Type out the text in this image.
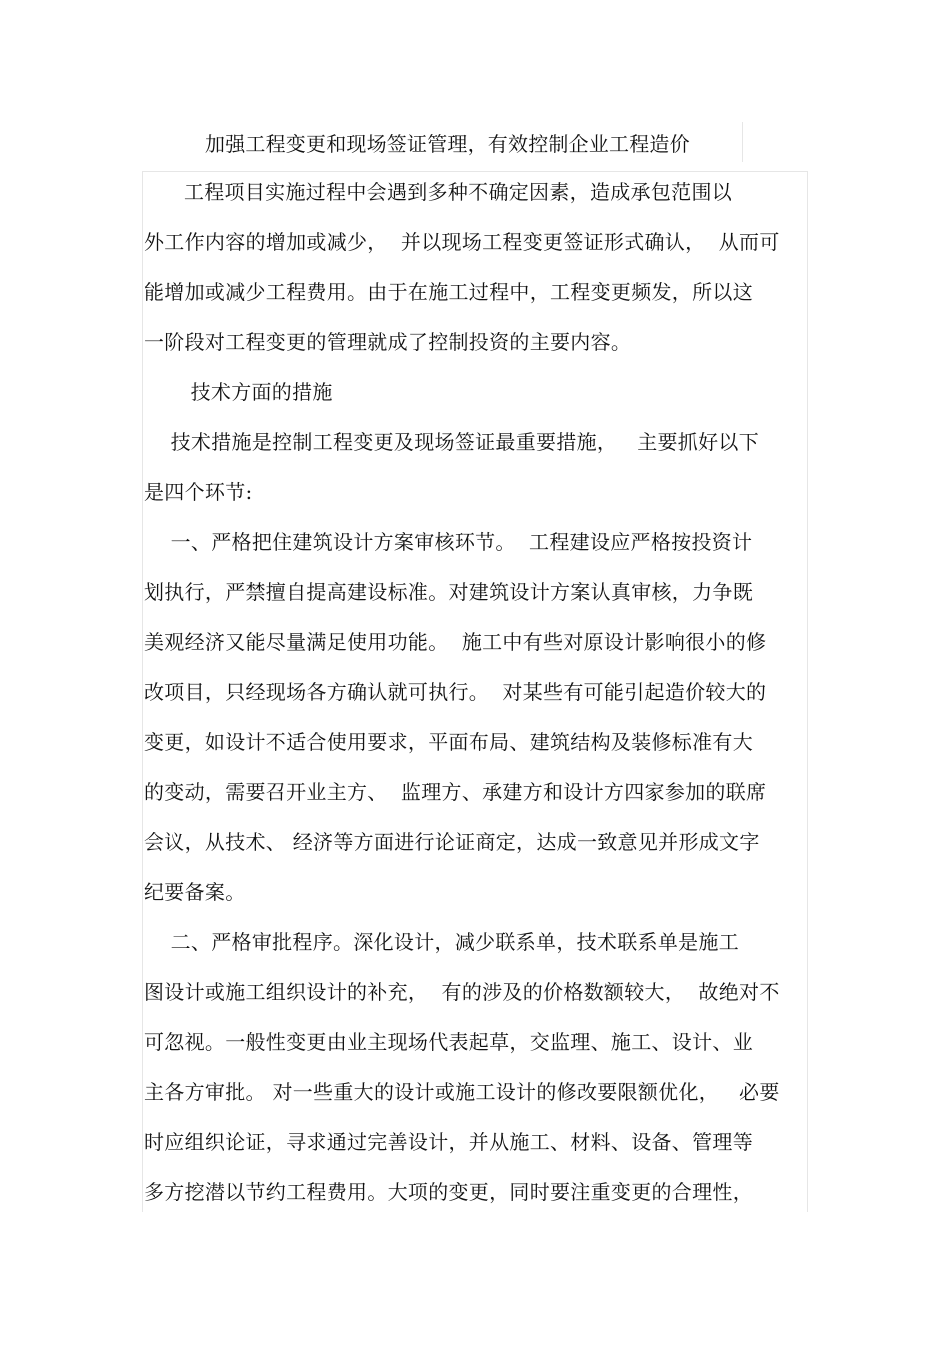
加强工程变更和现场签证管理，有效控制企业工程造价
工程项目实施过程中会遇到多种不确定因素，造成承包范围以
外工作内容的增加或减少，  并以现场工程变更签证形式确认，  从而可
能增加或减少工程费用。由于在施工过程中，工程变更频发，所以这
一阶段对工程变更的管理就成了控制投资的主要内容。
技术方面的措施
技术措施是控制工程变更及现场签证最重要措施，   主要抓好以下
是四个环节:
一、严格把住建筑设计方案审核环节。  工程建设应严格按投资计
划执行，严禁擅自提高建设标准。对建筑设计方案认真审核，力争既
美观经济又能尽量满足使用功能。  施工中有些对原设计影响很小的修
改项目，只经现场各方确认就可执行。  对某些有可能引起造价较大的
变更，如设计不适合使用要求，平面布局、建筑结构及装修标准有大
的变动，需要召开业主方、  监理方、承建方和设计方四家参加的联席
会议，从技术、 经济等方面进行论证商定，达成一致意见并形成文字
纪要备案。
二、严格审批程序。深化设计，减少联系单，技术联系单是施工
图设计或施工组织设计的补充，  有的涉及的价格数额较大，  故绝对不
可忽视。一般性变更由业主现场代表起草，交监理、施工、设计、业
主各方审批。 对一些重大的设计或施工设计的修改要限额优化，   必要
时应组织论证，寻求通过完善设计，并从施工、材料、设备、管理等
多方挖潜以节约工程费用。大项的变更，同时要注重变更的合理性，
